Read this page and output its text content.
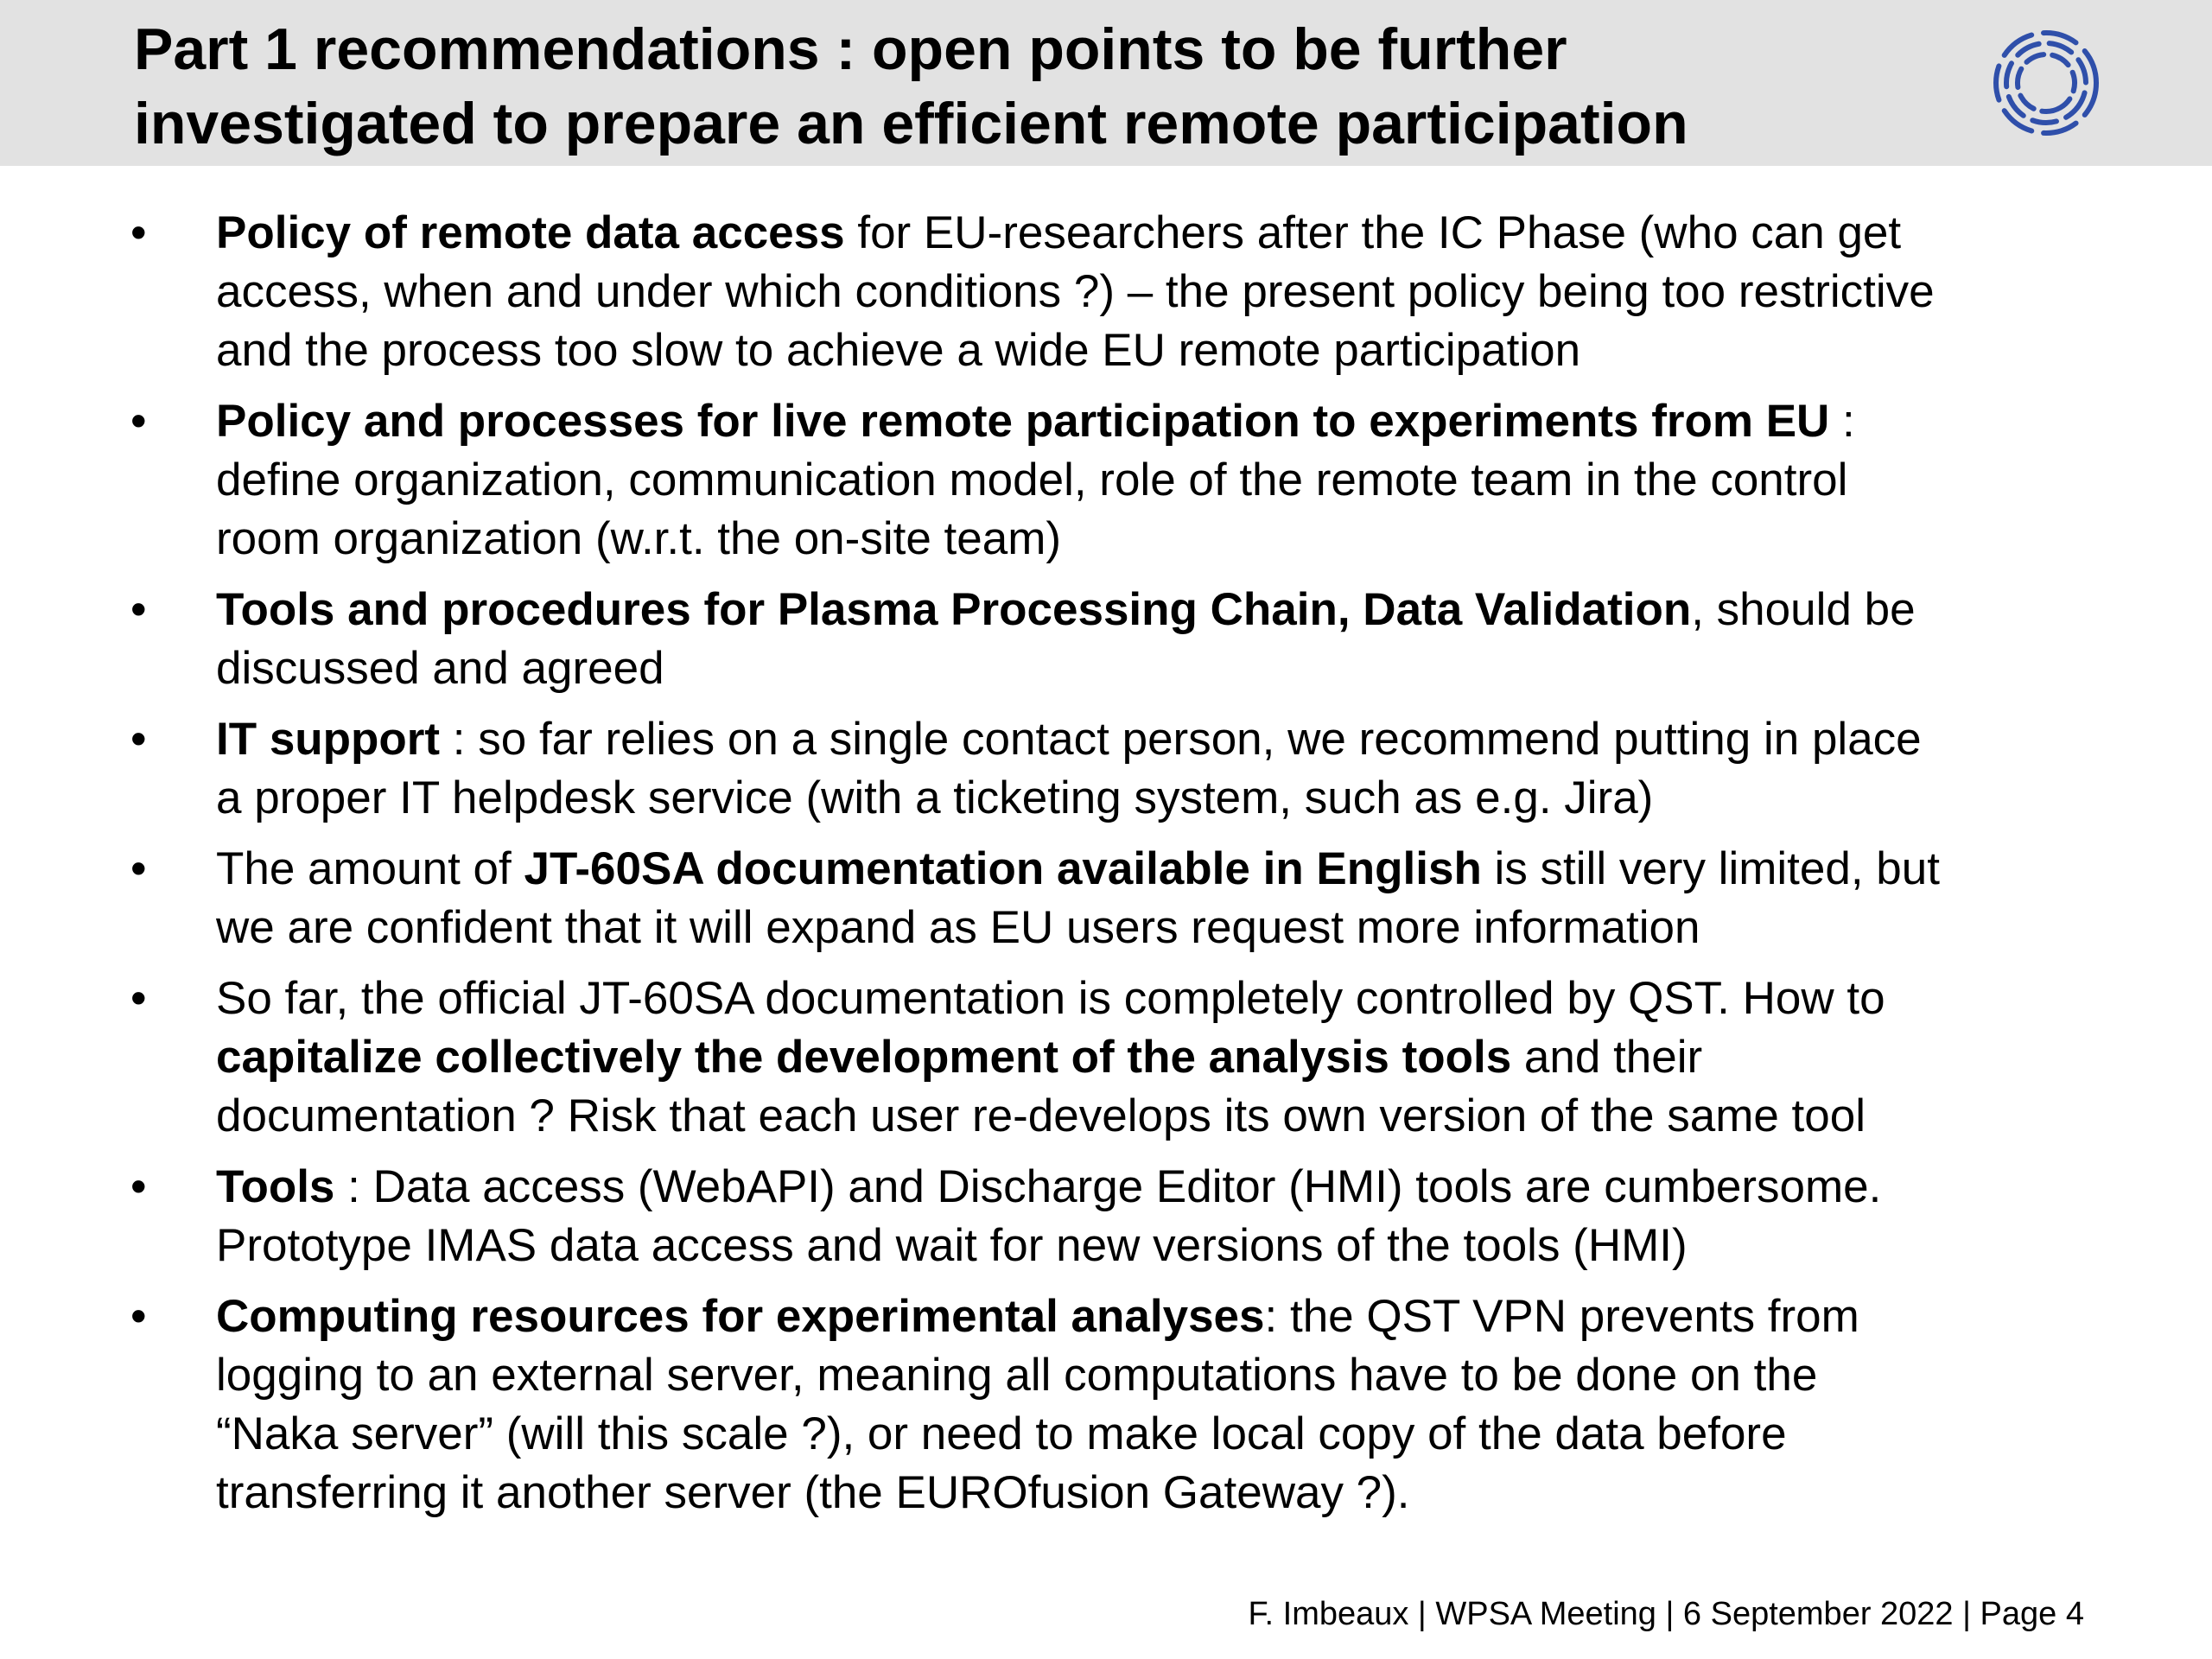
Part 1 recommendations : open points to be further
investigated to prepare an efficient remote participation
• Policy of remote data access for EU-researchers after the IC Phase (who can get
access, when and under which conditions ?) – the present policy being too restrictive
and the process too slow to achieve a wide EU remote participation
• Policy and processes for live remote participation to experiments from EU :
define organization, communication model, role of the remote team in the control
room organization (w.r.t. the on-site team)
• Tools and procedures for Plasma Processing Chain, Data Validation, should be
discussed and agreed
• IT support : so far relies on a single contact person, we recommend putting in place
a proper IT helpdesk service (with a ticketing system, such as e.g. Jira)
• The amount of JT-60SA documentation available in English is still very limited, but
we are confident that it will expand as EU users request more information
• So far, the official JT-60SA documentation is completely controlled by QST. How to
capitalize collectively the development of the analysis tools and their
documentation ? Risk that each user re-develops its own version of the same tool
• Tools : Data access (WebAPI) and Discharge Editor (HMI) tools are cumbersome.
Prototype IMAS data access and wait for new versions of the tools (HMI)
• Computing resources for experimental analyses: the QST VPN prevents from
logging to an external server, meaning all computations have to be done on the
“Naka server” (will this scale ?), or need to make local copy of the data before
transferring it another server (the EUROfusion Gateway ?).
F. Imbeaux | WPSA Meeting | 6 September 2022 | Page 4
